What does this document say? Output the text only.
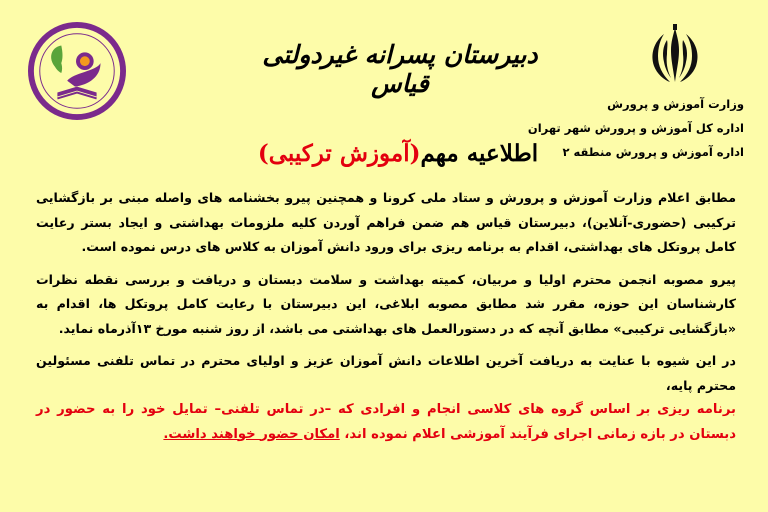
وزارت آموزش و پرورش
اداره کل آموزش و پرورش شهر تهران
اداره آموزش و پرورش منطقه ۲
دبیرستان پسرانه غیردولتی قیاس
اطلاعیه مهم(آموزش ترکیبی)

مطابق اعلام وزارت آموزش و پرورش و ستاد ملی کرونا و همچنین پیرو بخشنامه های واصله مبنی بر بازگشایی ترکیبی (حضوری-آنلاین)، دبیرستان قیاس هم ضمن فراهم آوردن کلیه ملزومات بهداشتی و ایجاد بستر رعایت کامل پروتکل های بهداشتی، اقدام به برنامه ریزی برای ورود دانش آموزان به کلاس های درس نموده است.

پیرو مصوبه انجمن محترم اولیا و مربیان، کمیته بهداشت و سلامت دبستان و دریافت و بررسی نقطه نظرات کارشناسان این حوزه، مقرر شد مطابق مصوبه ابلاغی، این دبیرستان با رعایت کامل پروتکل ها، اقدام به «بازگشایی ترکیبی» مطابق آنچه که در دستورالعمل های بهداشتی می باشد، از روز شنبه مورخ ۱۳آذرماه نماید.

در این شیوه با عنایت به دریافت آخرین اطلاعات دانش آموزان عزیز و اولیای محترم در تماس تلفنی مسئولین محترم پایه،

برنامه ریزی بر اساس گروه های کلاسی انجام و افرادی که –در تماس تلفنی– تمایل خود را به حضور در دبستان در بازه زمانی اجرای فرآیند آموزشی اعلام نموده اند، امکان حضور خواهند داشت.
